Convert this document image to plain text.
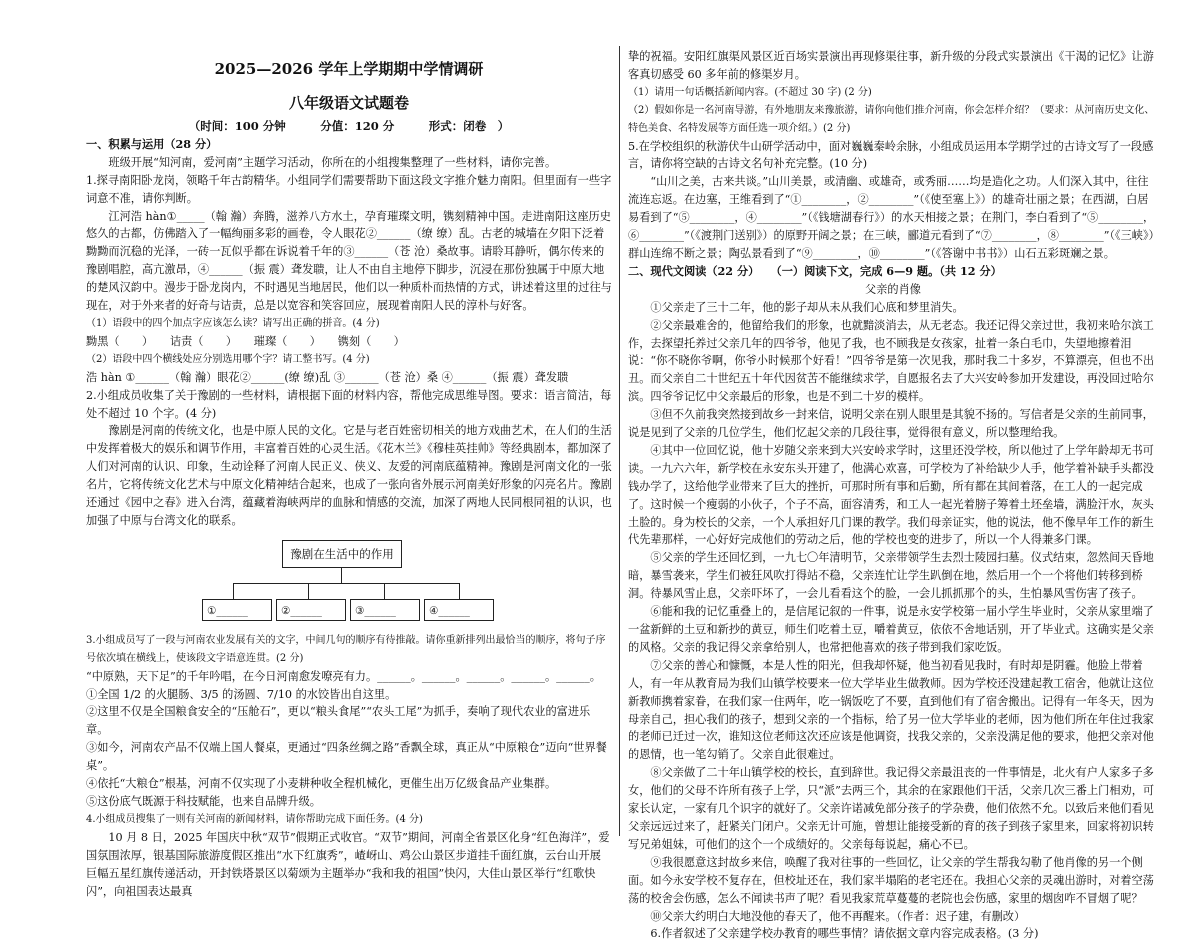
2025—2026 学年上学期期中学情调研
八年级语文试题卷
（时间：100 分钟　　　分值：120 分　　　形式：闭卷　）

一、积累与运用（28 分）

班级开展“知河南，爱河南”主题学习活动，你所在的小组搜集整理了一些材料，请你完善。

1.探寻南阳卧龙岗，领略千年古韵精华。小组同学们需要帮助下面这段文字推介魅力南阳。但里面有一些字词意不准，请你判断。

江河浩 hàn①_____（翰 瀚）奔腾，滋养八方水土，孕育璀璨文明，镌刻精神中国。走进南阳这座历史悠久的古都，仿佛踏入了一幅绚丽多彩的画卷，令人眼花②______（缭 缭）乱。古老的城墙在夕阳下泛着黝黝而沉稳的光泽，一砖一瓦似乎都在诉说着千年的③______（苍 沧）桑故事。请聆耳静听，偶尔传来的豫剧唱腔，高亢激昂，④______（振 震）聋发聩，让人不由自主地停下脚步，沉浸在那份独属于中原大地的楚风汉韵中。漫步于卧龙岗内，不时遇见当地居民，他们以一种质朴而热情的方式，讲述着这里的过往与现在，对于外来者的好奇与诘责，总是以宽容和笑容回应，展现着南阳人民的淳朴与好客。

（1）语段中的四个加点字应该怎么读？请写出正确的拼音。(4 分)

黝黑（　　）　　诘责（　　）　　璀璨（　　）　　镌刻（　　）

（2）语段中四个横线处应分别选用哪个字？请工整书写。(4 分)

浩 hàn ①______（翰 瀚）眼花②______(缭 缭)乱 ③______（苍 沧）桑 ④______（振 震）聋发聩

2.小组成员收集了关于豫剧的一些材料，请根据下面的材料内容，帮他完成思维导图。要求：语言简洁，每处不超过 10 个字。(4 分)

豫剧是河南的传统文化，也是中原人民的文化。它是与老百姓密切相关的地方戏曲艺术，在人们的生活中发挥着极大的娱乐和调节作用，丰富着百姓的心灵生活。《花木兰》《穆桂英挂帅》等经典剧本，都加深了人们对河南的认识、印象，生动诠释了河南人民正义、侠义、友爱的河南底蕴精神。豫剧是河南文化的一张名片，它将传统文化艺术与中原文化精神结合起来，也成了一张向省外展示河南美好形象的闪亮名片。豫剧还通过《园中之春》进入台湾，蕴藏着海峡两岸的血脉和情感的交流，加深了两地人民同根同祖的认识，也加强了中原与台湾文化的联系。

豫剧在生活中的作用
①______	②______	③______	④______

3.小组成员写了一段与河南农业发展有关的文字，中间几句的顺序有待推敲。请你重新排列出最恰当的顺序，将句子序号依次填在横线上，使该段文字语意连贯。(2 分)

“中原熟，天下足”的千年吟唱，在今日河南愈发嘹亮有力。______。______。______。______。______。

①全国 1/2 的火腿肠、3/5 的汤圆、7/10 的水饺皆出自这里。

②这里不仅是全国粮食安全的“压舱石”，更以“粮头食尾”“农头工尾”为抓手，奏响了现代农业的富进乐章。

③如今，河南农产品不仅端上国人餐桌，更通过“四条丝绸之路”香飘全球，真正从“中原粮仓”迈向“世界餐桌”。

④依托“大粮仓”根基，河南不仅实现了小麦耕种收全程机械化，更催生出万亿级食品产业集群。

⑤这份底气既源于科技赋能，也来自品牌升级。

4.小组成员搜集了一则有关河南的新闻材料，请你帮助完成下面任务。(4 分)

10 月 8 日，2025 年国庆中秋“双节”假期正式收官。“双节”期间，河南全省景区化身“红色海洋”，爱国氛围浓厚，银基国际旅游度假区推出“水下红旗秀”，嵖岈山、鸡公山景区步道挂千面红旗，云台山开展巨幅五星红旗传递活动，开封铁塔景区以菊颂为主题举办“我和我的祖国”快闪，大佳山景区举行“红歌快闪”，向祖国表达最真

挚的祝福。安阳红旗渠风景区近百场实景演出再现修渠往事，新升级的分段式实景演出《干渴的记忆》让游客真切感受 60 多年前的修渠岁月。

（1）请用一句话概括新闻内容。(不超过 30 字) (2 分)

（2）假如你是一名河南导游，有外地朋友来豫旅游，请你向他们推介河南，你会怎样介绍？（要求：从河南历史文化、特色美食、名特发展等方面任选一项介绍。）(2 分)

5.在学校组织的秋游伏牛山研学活动中，面对巍巍秦岭余脉，小组成员运用本学期学过的古诗文写了一段感言，请你将空缺的古诗文名句补充完整。(10 分)

“山川之美，古来共谈。”山川美景，或清幽、或雄奇，或秀丽……均是造化之功。人们深入其中，往往流连忘返。在边塞，王维看到了“①________，②________”（《使至塞上》）的雄奇壮丽之景；在西湖，白居易看到了“⑤________，④________”（《钱塘湖春行》）的水天相接之景；在荆门，李白看到了“⑤________，⑥________”（《渡荆门送别》）的原野开阔之景；在三峡，郦道元看到了“⑦________，⑧________”（《三峡》）群山连绵不断之景；陶弘景看到了“⑨________，⑩________”（《答谢中书书》）山石五彩斑斓之景。

二、现代文阅读（22 分）　　（一）阅读下文，完成 6—9 题。（共 12 分）

父亲的肖像

①父亲走了三十二年，他的影子却从未从我们心底和梦里消失。

②父亲最难舍的，他留给我们的形象，也就黯淡消去，从无老态。我还记得父亲过世，我初来哈尔滨工作，去探望托养过父亲几年的四爷爷，他见了我，也不顾我是女孩家，扯着一条白毛巾，失望地擦着泪说：“你不晓你爷啊，你爷小时候那个好看！”四爷爷是第一次见我，那时我二十多岁，不算漂亮，但也不出丑。而父亲自二十世纪五十年代因贫苦不能继续求学，自愿报名去了大兴安岭参加开发建设，再没回过哈尔滨。四爷爷记忆中父亲最后的形象，也是不到二十岁的模样。

③但不久前我突然接到故乡一封来信，说明父亲在别人眼里是其貌不扬的。写信者是父亲的生前同事，说是见到了父亲的几位学生，他们忆起父亲的几段往事，觉得很有意义，所以整理给我。

④其中一位回忆说，他十岁随父亲来到大兴安岭求学时，这里还没学校，所以他过了上学年龄却无书可读。一九六六年，新学校在永安东头开建了，他满心欢喜，可学校为了补给缺少人手，他学着补缺手头都没钱办学了，这给他学业带来了巨大的挫折，可那时所有事和后勤，所有都在其间着落，在工人的一起完成了。这时候一个瘦弱的小伙子，个子不高，面容清秀，和工人一起光着膀子筹着土坯垒墙，满脸汗水，灰头土脸的。身为校长的父亲，一个人承担好几门课的教学。我们母亲证实，他的说法，他不像早年工作的新生代先辈那样，一心好好完成他们的劳动之后，他的学校也变的进步了，所以一个人得兼多门课。

⑤父亲的学生还回忆到，一九七〇年清明节，父亲带领学生去烈士陵园扫墓。仪式结束，忽然间天昏地暗，暴雪袭来，学生们被狂风吹打得站不稳，父亲连忙让学生趴倒在地，然后用一个一个将他们转移到桥洞。待暴风雪止息，父亲吓坏了，一会儿看看这个的脸，一会儿抓抓那个的头，生怕暴风雪伤害了孩子。

⑥能和我的记忆重叠上的，是信尾记叙的一件事，说是永安学校第一届小学生毕业时，父亲从家里端了一盆新鲜的土豆和新抄的黄豆，师生们吃着土豆，嚼着黄豆，依依不舍地话别，开了毕业式。这确实是父亲的风格。父亲的我记得父亲拿给别人，也常把他喜欢的孩子带到我们家吃饭。

⑦父亲的善心和慷慨，本是人性的阳光，但我却怀疑，他当初看见我时，有时却是阴霾。他脸上带着人，有一年从教育局为我们山镇学校要来一位大学毕业生做教师。因为学校还没建起教工宿舍，他就让这位新教师携着家眷，在我们家一住两年，吃一锅饭吃了不要，直到他们有了宿舍搬出。记得有一年冬天，因为母亲自己，担心我们的孩子，想到父亲的一个指标，给了另一位大学毕业的老师，因为他们所在年住过我家的老师已迁过一次，谁知这位老师这次还应该是他调资，找我父亲的，父亲没满足他的要求，他把父亲对他的恩情，也一笔勾销了。父亲自此很难过。

⑧父亲做了二十年山镇学校的校长，直到辞世。我记得父亲最沮丧的一件事情是，北火有户人家多子多女，他们的父母不许所有孩子上学，只“派”去两三个，其余的在家跟他们干活，父亲几次三番上门相劝，可家长认定，一家有几个识字的就好了。父亲许诺减免部分孩子的学杂费，他们依然不允。以致后来他们看见父亲远远过来了，赶紧关门闭户。父亲无计可施，曾想让能接受新的育的孩子到孩子家里来，回家将初识转写兄弟姐妹，可他们的这个一个成绩好的。父亲每每说起，痛心不已。

⑨我很愿意这封故乡来信，唤醒了我对往事的一些回忆，让父亲的学生帮我勾勒了他肖像的另一个侧面。如今永安学校不复存在，但校址还在，我们家半塌陷的老宅还在。我担心父亲的灵魂出游时，对着空荡荡的校舍会伤感，怎么不闻读书声了呢？看见我家荒草蔓蔓的老院也会伤感，家里的烟囱咋不冒烟了呢？

⑩父亲大约明白大地没他的春天了，他不再醒来。（作者：迟子建，有删改）

6.作者叙述了父亲建学校办教育的哪些事情？请依据文章内容完成表格。(3 分)
